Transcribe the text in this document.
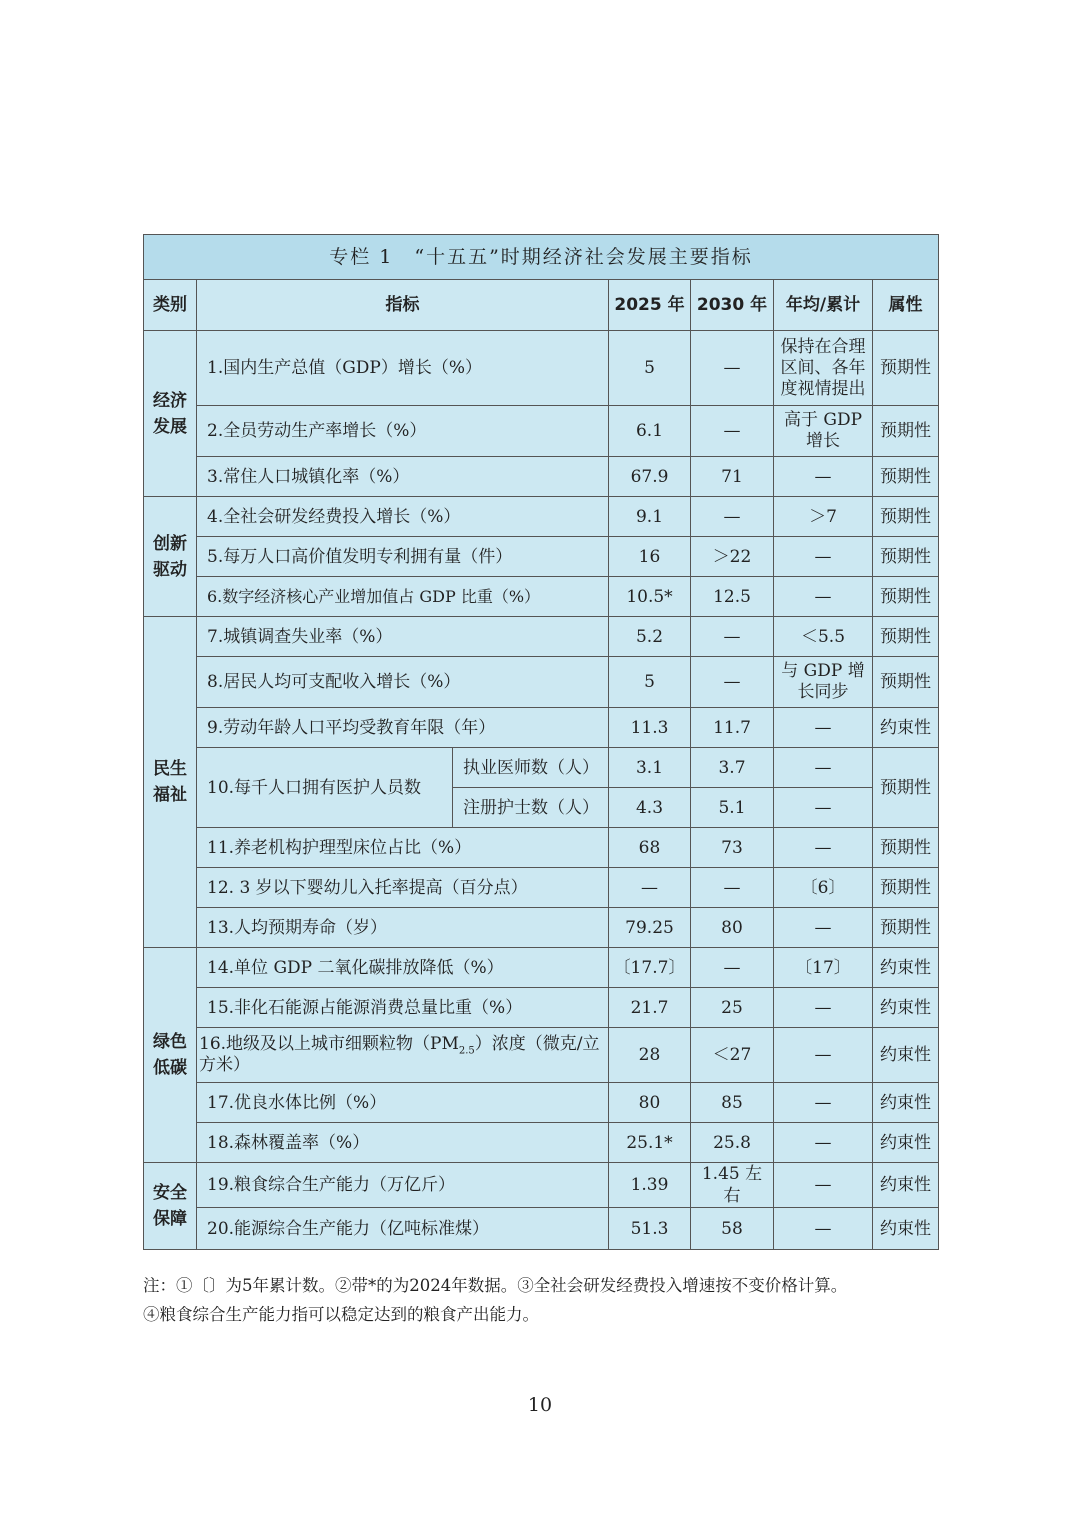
专栏 1　“十五五”时期经济社会发展主要指标						
类别	指标		2025 年	2030 年	年均/累计	属性
经济发展	1.国内生产总值（GDP）增长（%）		5	—	保持在合理区间、各年度视情提出	预期性
	2.全员劳动生产率增长（%）		6.1	—	高于 GDP 增长	预期性
	3.常住人口城镇化率（%）		67.9	71	—	预期性
创新驱动	4.全社会研发经费投入增长（%）		9.1	—	＞7	预期性
	5.每万人口高价值发明专利拥有量（件）		16	＞22	—	预期性
	6.数字经济核心产业增加值占 GDP 比重（%）		10.5*	12.5	—	预期性
民生福祉	7.城镇调查失业率（%）		5.2	—	＜5.5	预期性
	8.居民人均可支配收入增长（%）		5	—	与 GDP 增长同步	预期性
	9.劳动年龄人口平均受教育年限（年）		11.3	11.7	—	约束性
	10.每千人口拥有医护人员数	执业医师数（人）	3.1	3.7	—	预期性
		注册护士数（人）	4.3	5.1	—	
	11.养老机构护理型床位占比（%）		68	73	—	预期性
	12. 3 岁以下婴幼儿入托率提高（百分点）		—	—	〔6〕	预期性
	13.人均预期寿命（岁）		79.25	80	—	预期性
绿色低碳	14.单位 GDP 二氧化碳排放降低（%）		〔17.7〕	—	〔17〕	约束性
	15.非化石能源占能源消费总量比重（%）		21.7	25	—	约束性
	16.地级及以上城市细颗粒物$(PM_{2.5})$浓度（微克/立方米）		28	＜27	—	约束性
	17.优良水体比例（%）		80	85	—	约束性
	18.森林覆盖率（%）		25.1*	25.8	—	约束性
安全保障	19.粮食综合生产能力（万亿斤）		1.39	1.45 左右	—	约束性
	20.能源综合生产能力（亿吨标准煤）		51.3	58	—	约束性

注：①〔〕为5年累计数。②带*的为2024年数据。③全社会研发经费投入增速按不变价格计算。

④粮食综合生产能力指可以稳定达到的粮食产出能力。

10
